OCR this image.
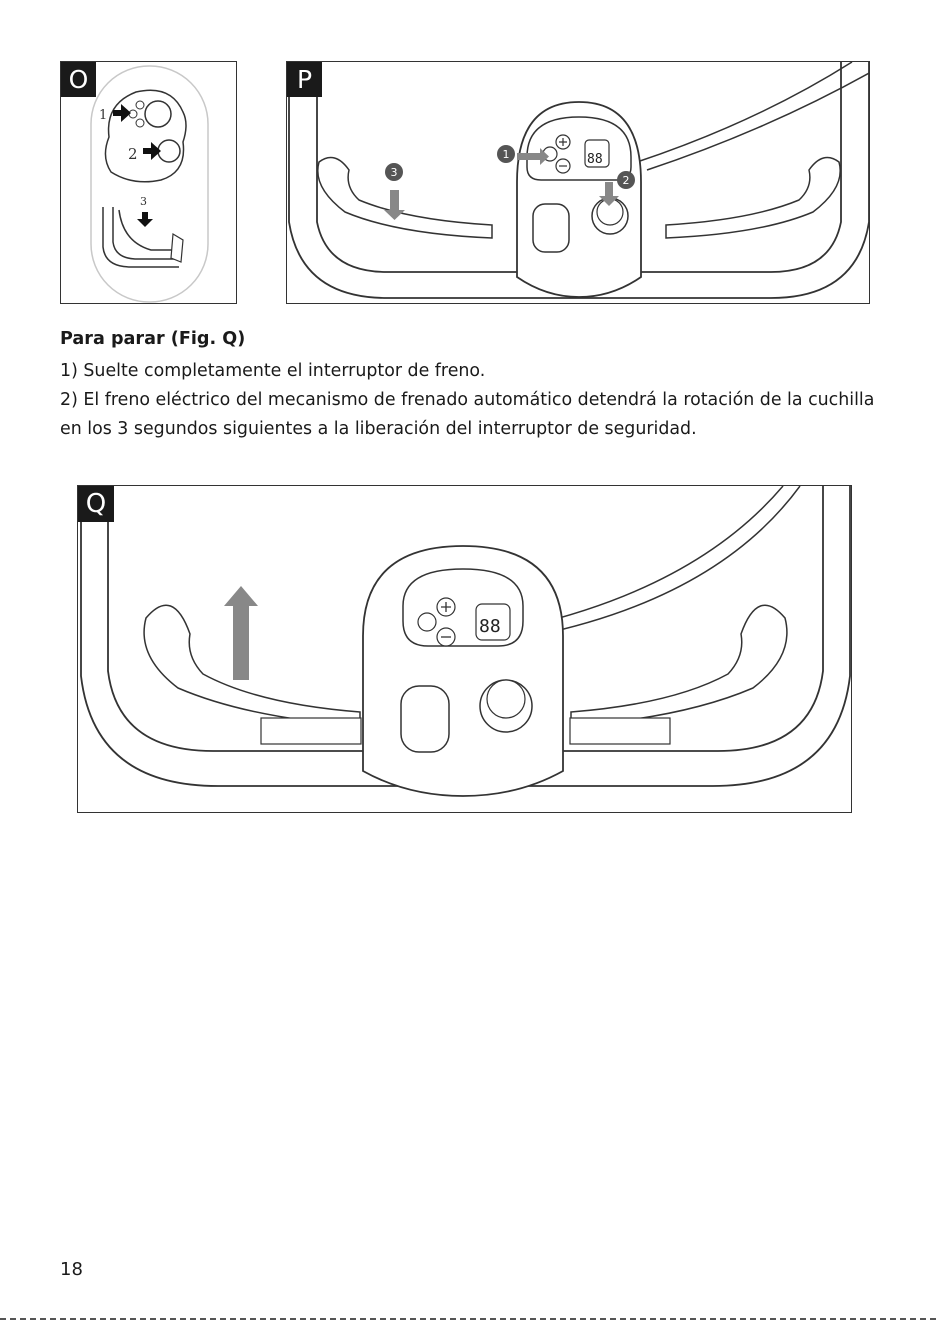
O
1
2
3
P
88
1
2
3
Para parar (Fig. Q)
1) Suelte completamente el interruptor de freno.
2) El freno eléctrico del mecanismo de frenado automático detendrá la rotación de la cuchilla en los 3 segundos siguientes a la liberación del interruptor de seguridad.
Q
88
18
